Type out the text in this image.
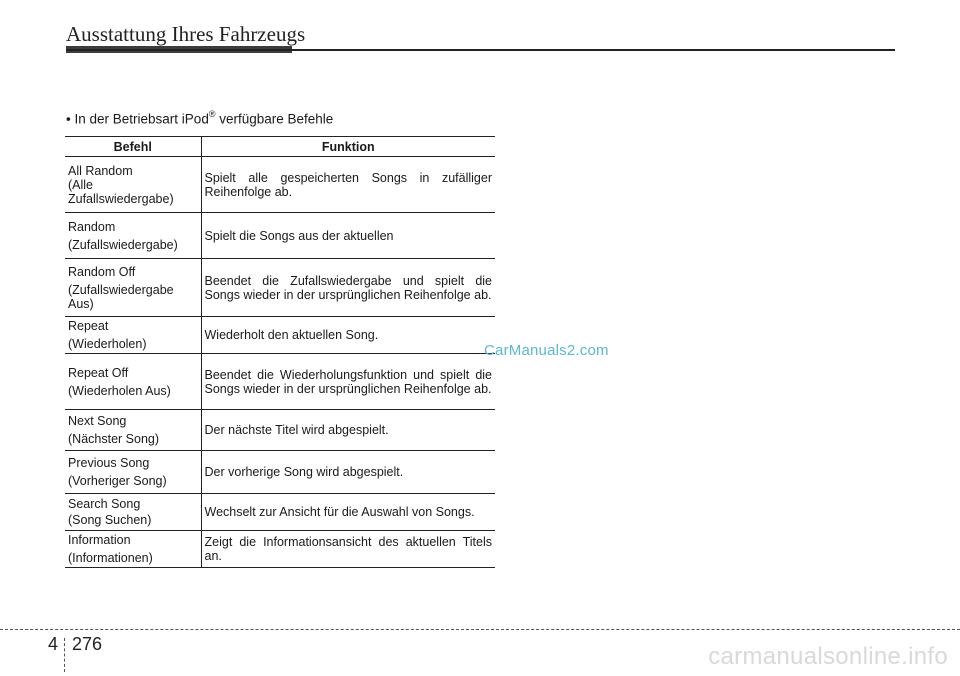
Ausstattung Ihres Fahrzeugs
• In der Betriebsart iPod® verfügbare Befehle
Befehl	Funktion

All Random
(Alle Zufallswiedergabe)	Spielt alle gespeicherten Songs in zufälliger Reihenfolge ab.

Random
(Zufallswiedergabe)	Spielt die Songs aus der aktuellen

Random Off
(Zufallswiedergabe Aus)	Beendet die Zufallswiedergabe und spielt die Songs wieder in der ursprünglichen Reihenfolge ab.

Repeat
(Wiederholen)	Wiederholt den aktuellen Song.

Repeat Off
(Wiederholen Aus)	Beendet die Wiederholungsfunktion und spielt die Songs wieder in der ursprünglichen Reihenfolge ab.

Next Song
(Nächster Song)	Der nächste Titel wird abgespielt.

Previous Song
(Vorheriger Song)	Der vorherige Song wird abgespielt.

Search Song
(Song Suchen)	Wechselt zur Ansicht für die Auswahl von Songs.

Information
(Informationen)	Zeigt die Informationsansicht des aktuellen Titels an.
CarManuals2.com
4 276	carmanualsonline.info
